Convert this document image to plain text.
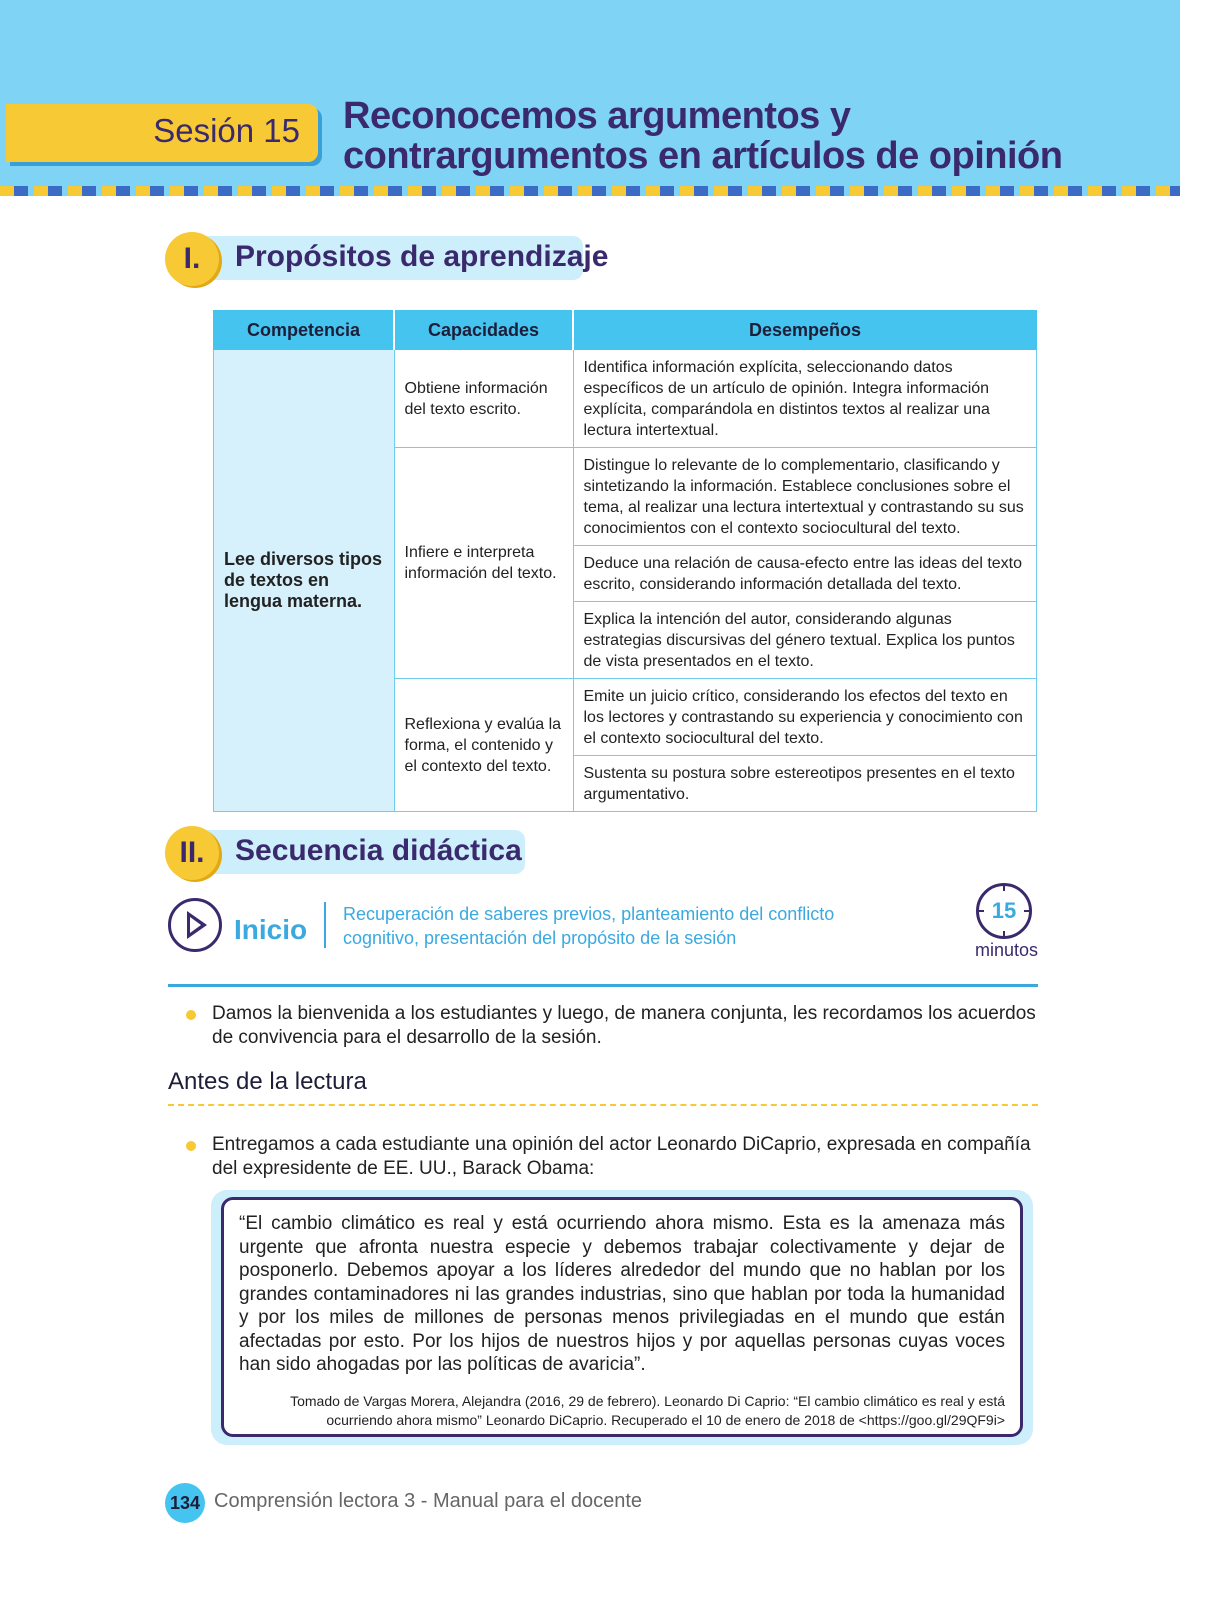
Sesión 15 Reconocemos argumentos y contrargumentos en artículos de opinión
I.	Propósitos de aprendizaje
Competencia	Capacidades	Desempeños
Lee diversos tipos de textos en lengua materna.	Obtiene información del texto escrito.	Identifica información explícita, seleccionando datos específicos de un artículo de opinión. Integra información explícita, comparándola en distintos textos al realizar una lectura intertextual.
	Infiere e interpreta información del texto.	Distingue lo relevante de lo complementario, clasificando y sintetizando la información. Establece conclusiones sobre el tema, al realizar una lectura intertextual y contrastando su sus conocimientos con el contexto sociocultural del texto.
		Deduce una relación de causa-efecto entre las ideas del texto escrito, considerando información detallada del texto.
		Explica la intención del autor, considerando algunas estrategias discursivas del género textual. Explica los puntos de vista presentados en el texto.
	Reflexiona y evalúa la forma, el contenido y el contexto del texto.	Emite un juicio crítico, considerando los efectos del texto en los lectores y contrastando su experiencia y conocimiento con el contexto sociocultural del texto.
		Sustenta su postura sobre estereotipos presentes en el texto argumentativo.
II.	Secuencia didáctica
Inicio Recuperación de saberes previos, planteamiento del conflicto cognitivo, presentación del propósito de la sesión
15
minutos
Damos la bienvenida a los estudiantes y luego, de manera conjunta, les recordamos los acuerdos de convivencia para el desarrollo de la sesión.
Antes de la lectura
Entregamos a cada estudiante una opinión del actor Leonardo DiCaprio, expresada en compañía del expresidente de EE. UU., Barack Obama:
“El cambio climático es real y está ocurriendo ahora mismo. Esta es la amenaza más urgente que afronta nuestra especie y debemos trabajar colectivamente y dejar de posponerlo. Debemos apoyar a los líderes alrededor del mundo que no hablan por los grandes contaminadores ni las grandes industrias, sino que hablan por toda la humanidad y por los miles de millones de personas menos privilegiadas en el mundo que están afectadas por esto. Por los hijos de nuestros hijos y por aquellas personas cuyas voces han sido ahogadas por las políticas de avaricia”.
Tomado de Vargas Morera, Alejandra (2016, 29 de febrero). Leonardo Di Caprio: “El cambio climático es real y está ocurriendo ahora mismo” Leonardo DiCaprio. Recuperado el 10 de enero de 2018 de <https://goo.gl/29QF9i>
134 Comprensión lectora 3 - Manual para el docente
